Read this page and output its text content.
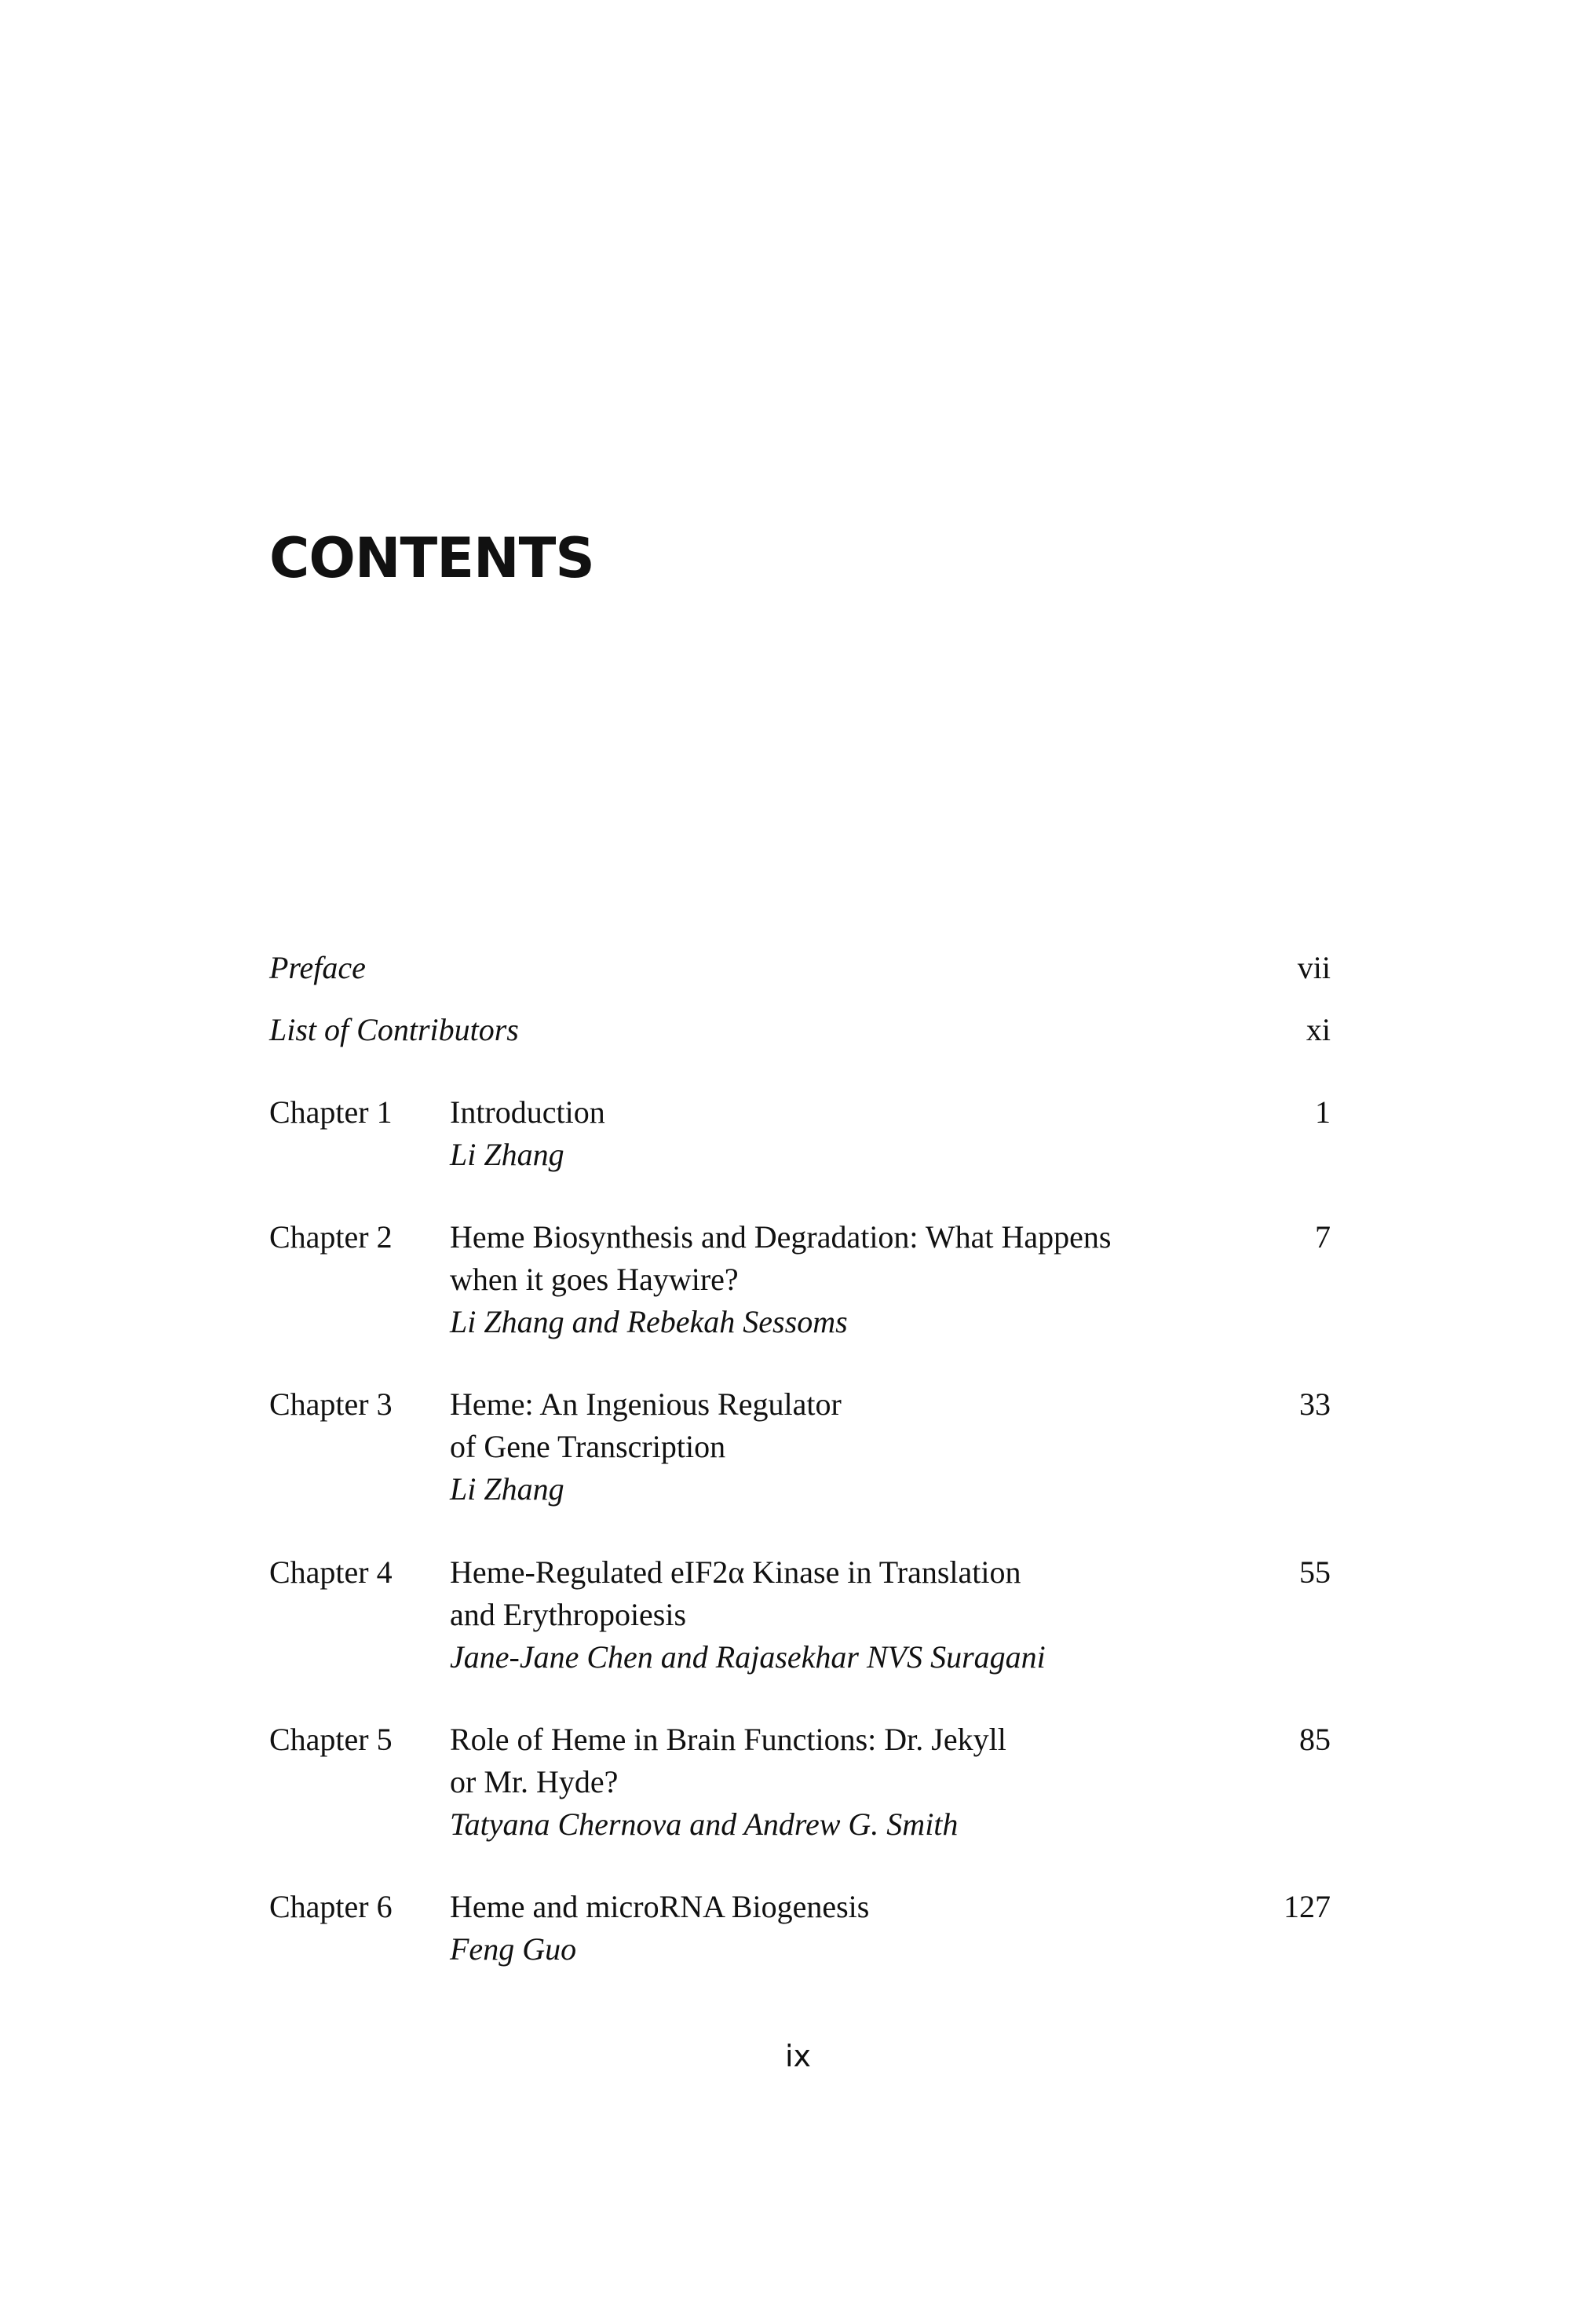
CONTENTS
Preface	vii
List of Contributors	xi
Chapter 1 Introduction
Li Zhang
1
Chapter 2 Heme Biosynthesis and Degradation: What Happens
when it goes Haywire?
Li Zhang and Rebekah Sessoms
7
Chapter 3 Heme: An Ingenious Regulator
of Gene Transcription
Li Zhang
33
Chapter 4 Heme-Regulated eIF2α Kinase in Translation
and Erythropoiesis
Jane-Jane Chen and Rajasekhar NVS Suragani
55
Chapter 5 Role of Heme in Brain Functions: Dr. Jekyll
or Mr. Hyde?
Tatyana Chernova and Andrew G. Smith
85
Chapter 6 Heme and microRNA Biogenesis
Feng Guo
127
ix
